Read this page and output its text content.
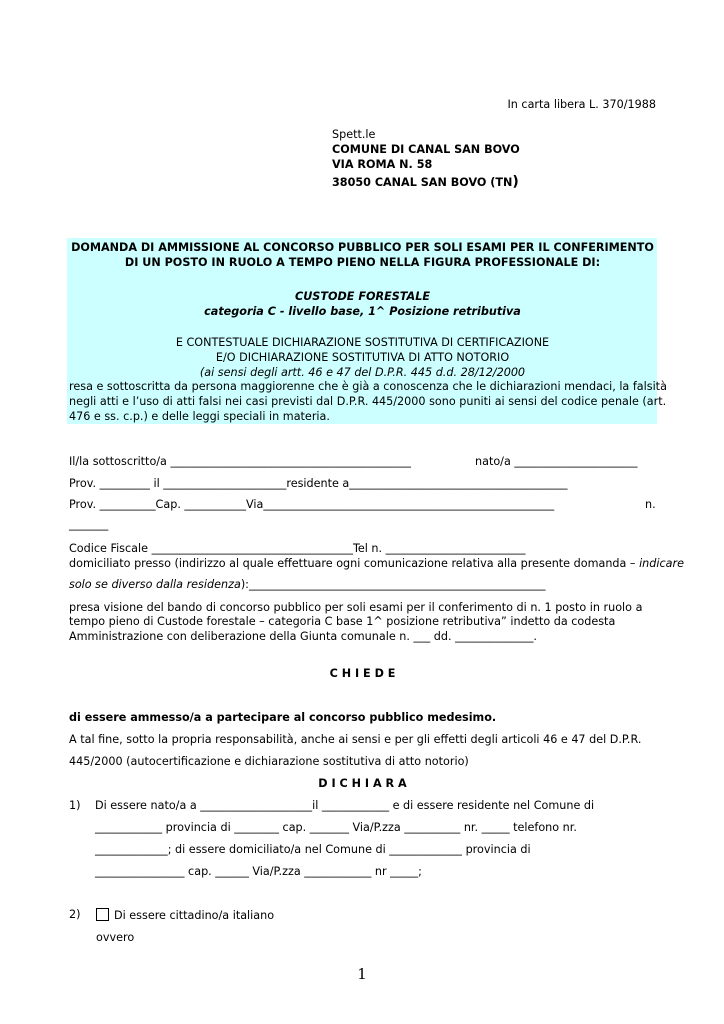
In carta libera L. 370/1988
Spett.le
COMUNE DI CANAL SAN BOVO
VIA ROMA N. 58
38050 CANAL SAN BOVO (TN)
DOMANDA DI AMMISSIONE AL CONCORSO PUBBLICO PER SOLI ESAMI PER IL CONFERIMENTO
DI UN POSTO IN RUOLO A TEMPO PIENO NELLA FIGURA PROFESSIONALE DI:
CUSTODE FORESTALE
categoria C - livello base, 1^ Posizione retributiva
E CONTESTUALE DICHIARAZIONE SOSTITUTIVA DI CERTIFICAZIONE
E/O DICHIARAZIONE SOSTITUTIVA DI ATTO NOTORIO
(ai sensi degli artt. 46 e 47 del D.P.R. 445 d.d. 28/12/2000
resa e sottoscritta da persona maggiorenne che è già a conoscenza che le dichiarazioni mendaci, la falsità
negli atti e l’uso di atti falsi nei casi previsti dal D.P.R. 445/2000 sono puniti ai sensi del codice penale (art.
476 e ss. c.p.) e delle leggi speciali in materia.
Il/la sottoscritto/a ___________________________________________	nato/a ______________________
Prov. _________ il ______________________residente a_______________________________________
Prov. __________Cap. ___________Via____________________________________________________	n.
_______
Codice Fiscale ____________________________________Tel n. _________________________
domiciliato presso (indirizzo al quale effettuare ogni comunicazione relativa alla presente domanda – indicare
solo se diverso dalla residenza):_____________________________________________________
presa visione del bando di concorso pubblico per soli esami per il conferimento di n. 1 posto in ruolo a
tempo pieno di Custode forestale – categoria C base 1^ posizione retributiva” indetto da codesta
Amministrazione con deliberazione della Giunta comunale n. ___ dd. ______________.
C H I E D E
di essere ammesso/a a partecipare al concorso pubblico medesimo.
A tal fine, sotto la propria responsabilità, anche ai sensi e per gli effetti degli articoli 46 e 47 del D.P.R.
445/2000 (autocertificazione e dichiarazione sostitutiva di atto notorio)
D I C H I A R A
1) Di essere nato/a a ____________________il ____________ e di essere residente nel Comune di
____________ provincia di ________ cap. _______ Via/P.zza __________ nr. _____ telefono nr.
_____________; di essere domiciliato/a nel Comune di _____________ provincia di
________________ cap. ______ Via/P.zza ____________ nr _____;
2)	Di essere cittadino/a italiano
ovvero
1
